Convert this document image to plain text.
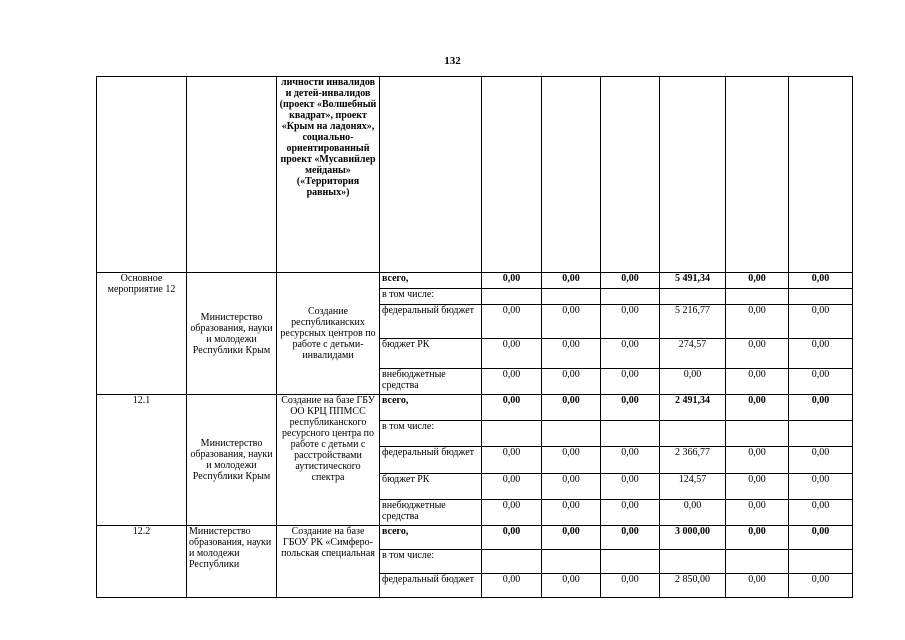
132
		личности инвалидов и детей-инвалидов (проект «Волшебный квадрат», проект «Крым на ладонях», социально-ориентированный проект «Мусавийлер мейданы» («Территория равных»)							
Основное мероприятие 12	Министерство образования, науки и молодежи Республики Крым	Создание республиканских ресурсных центров по работе с детьми-инвалидами	всего,	0,00	0,00	0,00	5 491,34	0,00	0,00
			в том числе:						
			федеральный бюджет	0,00	0,00	0,00	5 216,77	0,00	0,00
			бюджет РК	0,00	0,00	0,00	274,57	0,00	0,00
			внебюджетные средства	0,00	0,00	0,00	0,00	0,00	0,00
12.1	Министерство образования, науки и молодежи Республики Крым	Создание на базе ГБУ ОО КРЦ ППМСС республиканского ресурсного центра по работе с детьми с расстройствами аутистического спектра	всего,	0,00	0,00	0,00	2 491,34	0,00	0,00
			в том числе:						
			федеральный бюджет	0,00	0,00	0,00	2 366,77	0,00	0,00
			бюджет РК	0,00	0,00	0,00	124,57	0,00	0,00
			внебюджетные средства	0,00	0,00	0,00	0,00	0,00	0,00
12.2	Министерство образования, науки и молодежи Республики	Создание на базе ГБОУ РК «Симферо-польская специальная	всего,	0,00	0,00	0,00	3 000,00	0,00	0,00
			в том числе:						
			федеральный бюджет	0,00	0,00	0,00	2 850,00	0,00	0,00
